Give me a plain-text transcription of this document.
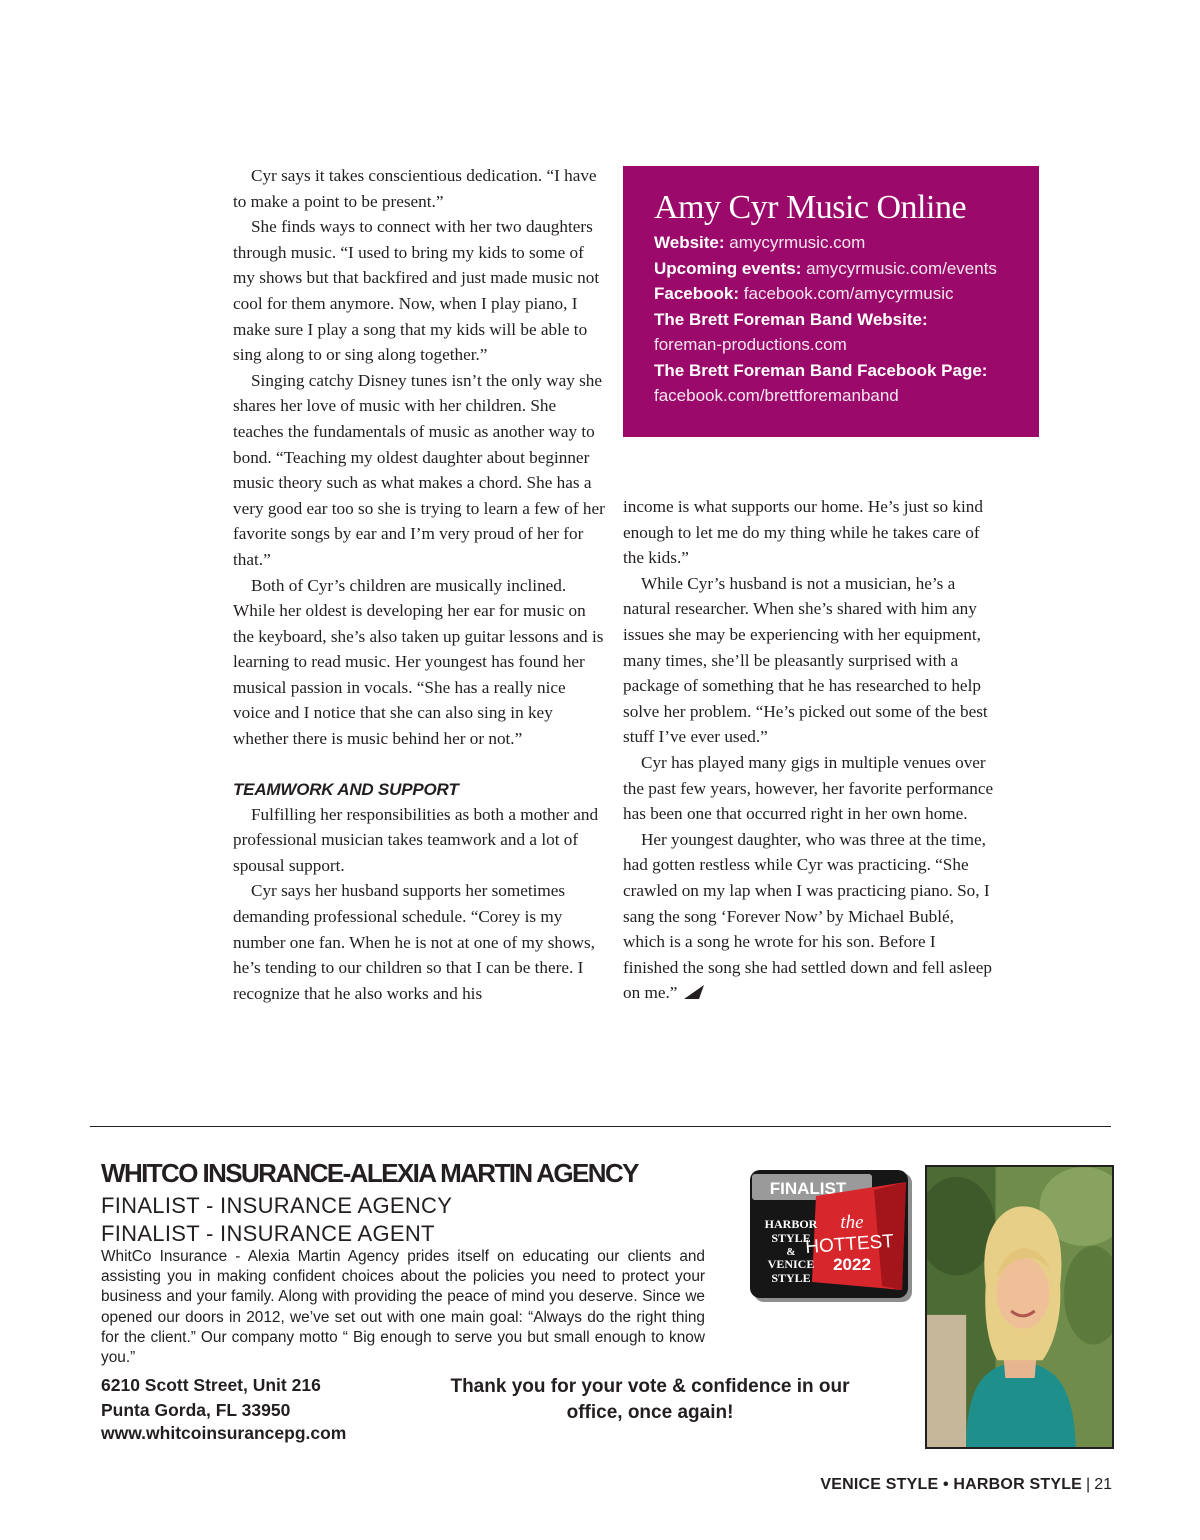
Cyr says it takes conscientious dedication. “I have to make a point to be present.”

She finds ways to connect with her two daughters through music. “I used to bring my kids to some of my shows but that backfired and just made music not cool for them anymore. Now, when I play piano, I make sure I play a song that my kids will be able to sing along to or sing along together.”

Singing catchy Disney tunes isn’t the only way she shares her love of music with her children. She teaches the fundamentals of music as another way to bond. “Teaching my oldest daughter about beginner music theory such as what makes a chord. She has a very good ear too so she is trying to learn a few of her favorite songs by ear and I’m very proud of her for that.”

Both of Cyr’s children are musically inclined. While her oldest is developing her ear for music on the keyboard, she’s also taken up guitar lessons and is learning to read music. Her youngest has found her musical passion in vocals. “She has a really nice voice and I notice that she can also sing in key whether there is music behind her or not.”

TEAMWORK AND SUPPORT

Fulfilling her responsibilities as both a mother and professional musician takes teamwork and a lot of spousal support.

Cyr says her husband supports her sometimes demanding professional schedule. “Corey is my number one fan. When he is not at one of my shows, he’s tending to our children so that I can be there. I recognize that he also works and his

Amy Cyr Music Online
Website: amycyrmusic.com
Upcoming events: amycyrmusic.com/events
Facebook: facebook.com/amycyrmusic
The Brett Foreman Band Website:
foreman-productions.com
The Brett Foreman Band Facebook Page:
facebook.com/brettforemanband

income is what supports our home. He’s just so kind enough to let me do my thing while he takes care of the kids.”

While Cyr’s husband is not a musician, he’s a natural researcher. When she’s shared with him any issues she may be experiencing with her equipment, many times, she’ll be pleasantly surprised with a package of something that he has researched to help solve her problem. “He’s picked out some of the best stuff I’ve ever used.”

Cyr has played many gigs in multiple venues over the past few years, however, her favorite performance has been one that occurred right in her own home.

Her youngest daughter, who was three at the time, had gotten restless while Cyr was practicing. “She crawled on my lap when I was practicing piano. So, I sang the song ‘Forever Now’ by Michael Bublé, which is a song he wrote for his son. Before I finished the song she had settled down and fell asleep on me.”

WHITCO INSURANCE-ALEXIA MARTIN AGENCY
FINALIST - INSURANCE AGENCY
FINALIST - INSURANCE AGENT

WhitCo Insurance - Alexia Martin Agency prides itself on educating our clients and assisting you in making confident choices about the policies you need to protect your business and your family. Along with providing the peace of mind you deserve. Since we opened our doors in 2012, we’ve set out with one main goal: “Always do the right thing for the client.” Our company motto “ Big enough to serve you but small enough to know you.”

6210 Scott Street, Unit 216
Punta Gorda, FL 33950
www.whitcoinsurancepg.com
Thank you for your vote & confidence in our office, once again!
FINALIST
HARBOR
STYLE
&
VENICE
STYLE
the
HOTTEST
2022
VENICE STYLE • HARBOR STYLE | 21
